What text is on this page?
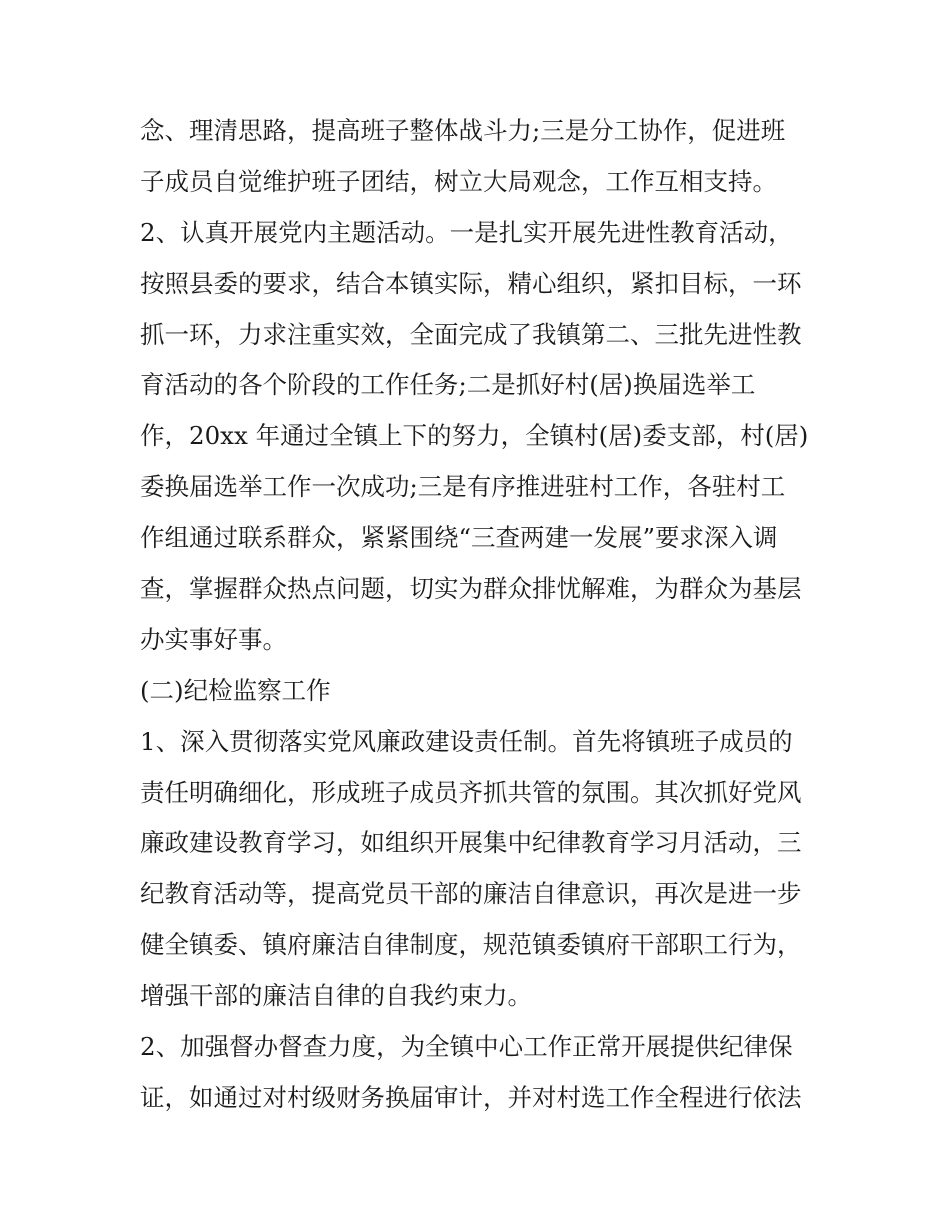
念、理清思路，提高班子整体战斗力;三是分工协作，促进班
子成员自觉维护班子团结，树立大局观念，工作互相支持。
2、认真开展党内主题活动。一是扎实开展先进性教育活动，
按照县委的要求，结合本镇实际，精心组织，紧扣目标，一环
抓一环，力求注重实效，全面完成了我镇第二、三批先进性教
育活动的各个阶段的工作任务;二是抓好村(居)换届选举工
作，20xx 年通过全镇上下的努力，全镇村(居)委支部，村(居)
委换届选举工作一次成功;三是有序推进驻村工作，各驻村工
作组通过联系群众，紧紧围绕“三查两建一发展”要求深入调
查，掌握群众热点问题，切实为群众排忧解难，为群众为基层
办实事好事。
(二)纪检监察工作
1、深入贯彻落实党风廉政建设责任制。首先将镇班子成员的
责任明确细化，形成班子成员齐抓共管的氛围。其次抓好党风
廉政建设教育学习，如组织开展集中纪律教育学习月活动，三
纪教育活动等，提高党员干部的廉洁自律意识，再次是进一步
健全镇委、镇府廉洁自律制度，规范镇委镇府干部职工行为，
增强干部的廉洁自律的自我约束力。
2、加强督办督查力度，为全镇中心工作正常开展提供纪律保
证，如通过对村级财务换届审计，并对村选工作全程进行依法
